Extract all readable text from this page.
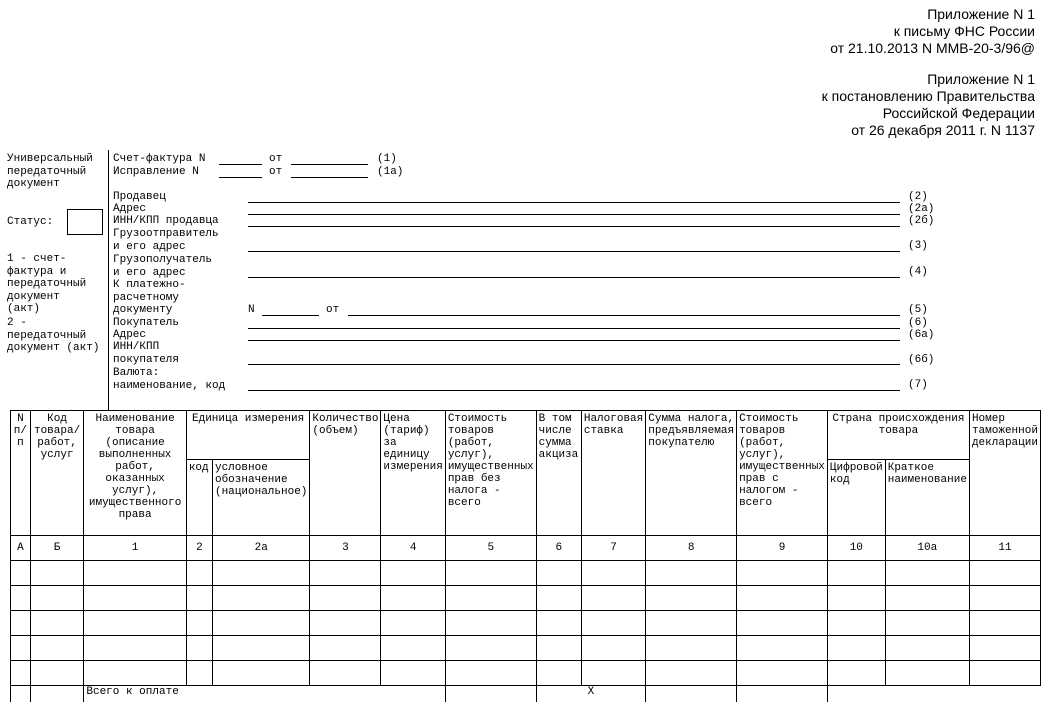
Приложение N 1
к письму ФНС России
от 21.10.2013 N ММВ-20-3/96@
Приложение N 1
к постановлению Правительства
Российской Федерации
от 26 декабря 2011 г. N 1137
Универсальный
передаточный
документ
Статус:
1 - счет-
фактура и
передаточный
документ
(акт)
2 -
передаточный
документ (акт)
Счет-фактура N	от	(1)
Исправление N	от	(1а)
Продавец	(2)
Адрес	(2а)
ИНН/КПП продавца	(2б)
Грузоотправитель
и его адрес	(3)
Грузополучатель
и его адрес	(4)
К платежно-
расчетному
документу	N	от	(5)
Покупатель	(6)
Адрес	(6а)
ИНН/КПП
покупателя	(6б)
Валюта:
наименование, код	(7)
N п/п	Код товара/ работ, услуг	Наименование товара (описание выполненных работ, оказанных услуг), имущественного права	Единица измерения		Количество (объем)	Цена (тариф) за единицу измерения	Стоимость товаров (работ, услуг), имущественных прав без налога - всего	В том числе сумма акциза	Налоговая ставка	Сумма налога, предъявляемая покупателю	Стоимость товаров (работ, услуг), имущественных прав с налогом - всего	Страна происхождения товара		Номер таможенной декларации
			код	условное обозначение (национальное)								Цифровой код	Краткое наименование	
А	Б	1	2	2а	3	4	5	6	7	8	9	10	10а	11

		Всего к оплате						X						
